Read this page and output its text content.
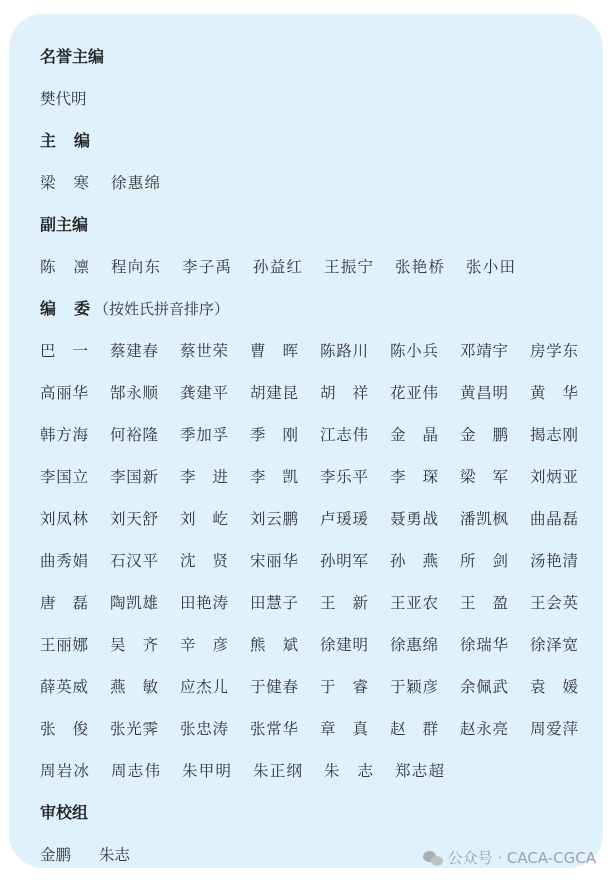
名誉主编
樊代明
主编
梁寒 徐惠绵
副主编
陈凛 程向东 李子禹 孙益红 王振宁 张艳桥 张小田
编委 （按姓氏拼音排序）
巴一 蔡建春 蔡世荣 曹晖 陈路川 陈小兵 邓靖宇 房学东
高丽华 郜永顺 龚建平 胡建昆 胡祥 花亚伟 黄昌明 黄华
韩方海 何裕隆 季加孚 季刚 江志伟 金晶 金鹏 揭志刚
李国立 李国新 李进 李凯 李乐平 李琛 梁军 刘炳亚
刘凤林 刘天舒 刘屹 刘云鹏 卢瑗瑗 聂勇战 潘凯枫 曲晶磊
曲秀娟 石汉平 沈贤 宋丽华 孙明军 孙燕 所剑 汤艳清
唐磊 陶凯雄 田艳涛 田慧子 王新 王亚农 王盈 王会英
王丽娜 吴齐 辛彦 熊斌 徐建明 徐惠绵 徐瑞华 徐泽宽
薛英威 燕敏 应杰儿 于健春 于睿 于颖彦 余佩武 袁媛
张俊 张光霁 张忠涛 张常华 章真 赵群 赵永亮 周爱萍
周岩冰 周志伟 朱甲明 朱正纲 朱志 郑志超
审校组
金鹏 朱志	公众号 · CACA-CGCA
